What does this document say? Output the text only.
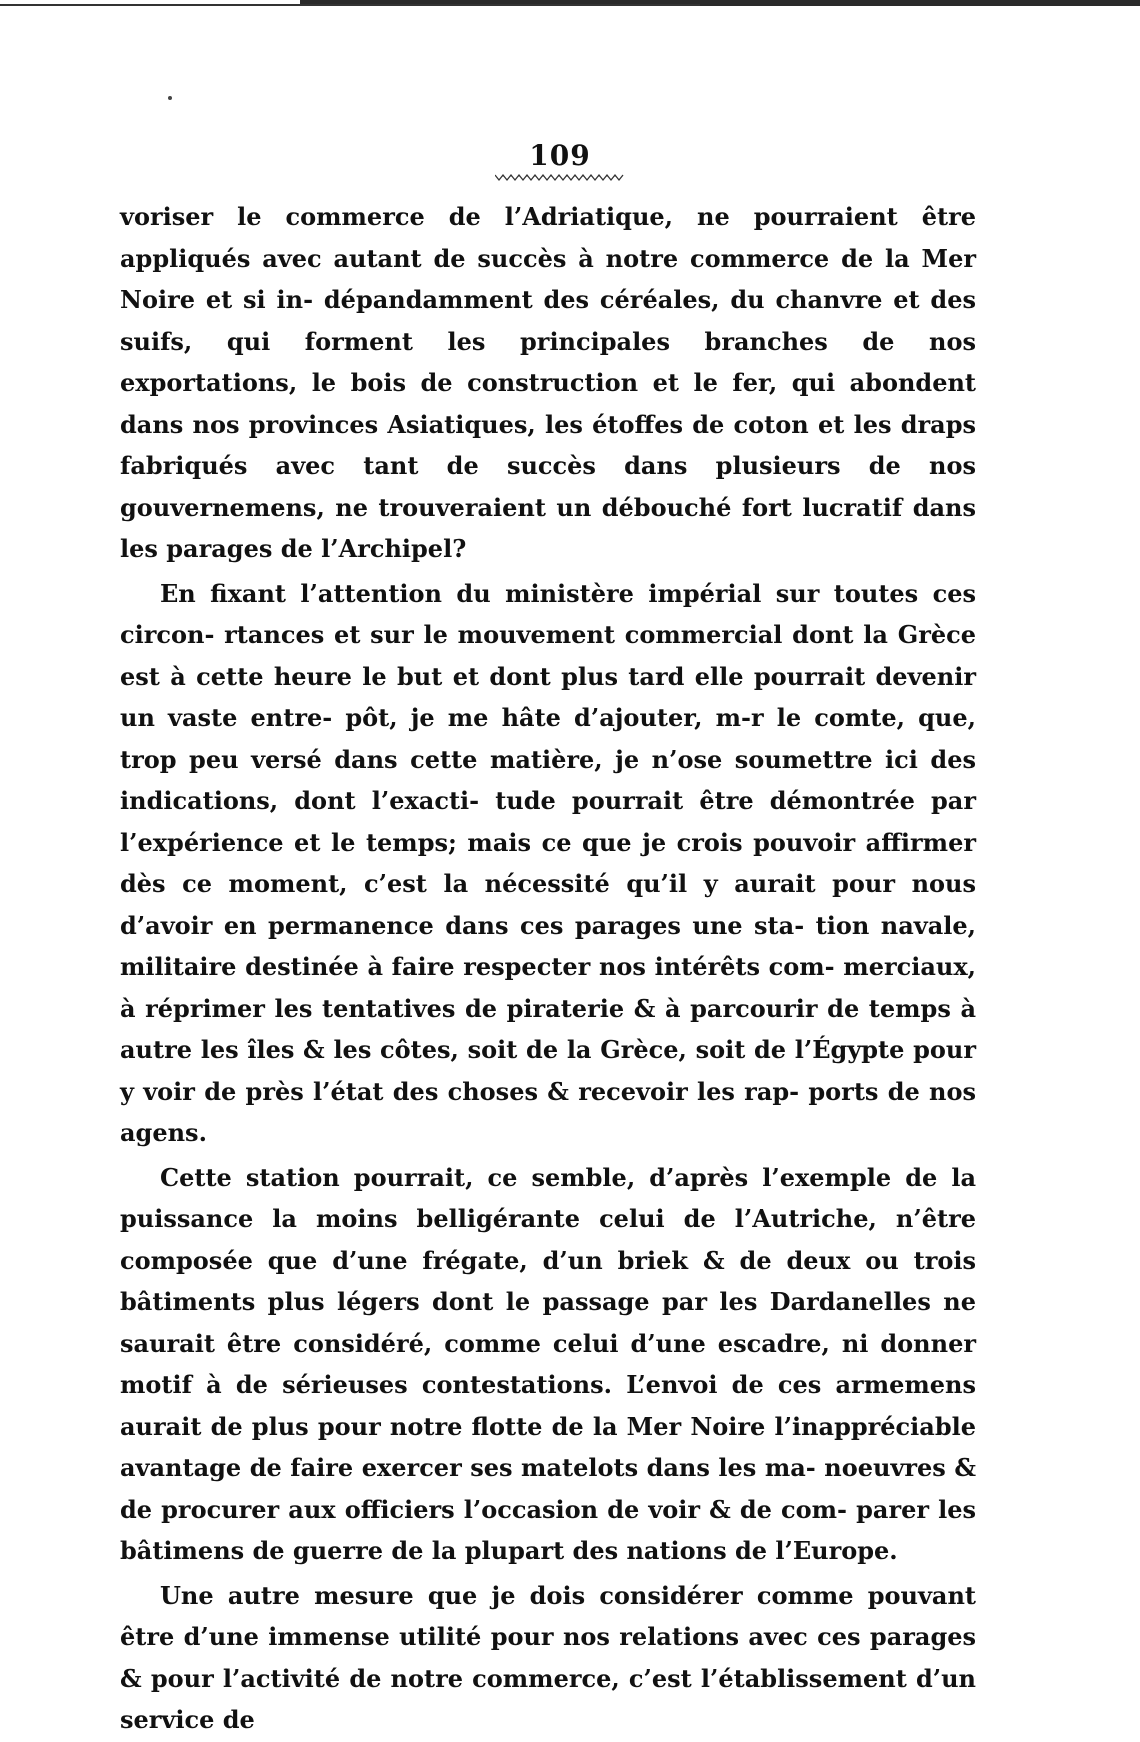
109

voriser le commerce de l’Adriatique, ne pourraient être appliqués avec autant de succès à notre commerce de la Mer Noire et si in- dépandamment des céréales, du chanvre et des suifs, qui forment les principales branches de nos exportations, le bois de construction et le fer, qui abondent dans nos provinces Asiatiques, les étoffes de coton et les draps fabriqués avec tant de succès dans plusieurs de nos gouvernemens, ne trouveraient un débouché fort lucratif dans les parages de l’Archipel?

En fixant l’attention du ministère impérial sur toutes ces circon- rtances et sur le mouvement commercial dont la Grèce est à cette heure le but et dont plus tard elle pourrait devenir un vaste entre- pôt, je me hâte d’ajouter, m-r le comte, que, trop peu versé dans cette matière, je n’ose soumettre ici des indications, dont l’exacti- tude pourrait être démontrée par l’expérience et le temps; mais ce que je crois pouvoir affirmer dès ce moment, c’est la nécessité qu’il y aurait pour nous d’avoir en permanence dans ces parages une sta- tion navale, militaire destinée à faire respecter nos intérêts com- merciaux, à réprimer les tentatives de piraterie & à parcourir de temps à autre les îles & les côtes, soit de la Grèce, soit de l’Égypte pour y voir de près l’état des choses & recevoir les rap- ports de nos agens.

Cette station pourrait, ce semble, d’après l’exemple de la puissance la moins belligérante celui de l’Autriche, n’être composée que d’une frégate, d’un briek & de deux ou trois bâtiments plus légers dont le passage par les Dardanelles ne saurait être considéré, comme celui d’une escadre, ni donner motif à de sérieuses contestations. L’envoi de ces armemens aurait de plus pour notre flotte de la Mer Noire l’inappréciable avantage de faire exercer ses matelots dans les ma- noeuvres & de procurer aux officiers l’occasion de voir & de com- parer les bâtimens de guerre de la plupart des nations de l’Europe.

Une autre mesure que je dois considérer comme pouvant être d’une immense utilité pour nos relations avec ces parages & pour l’activité de notre commerce, c’est l’établissement d’un service de
